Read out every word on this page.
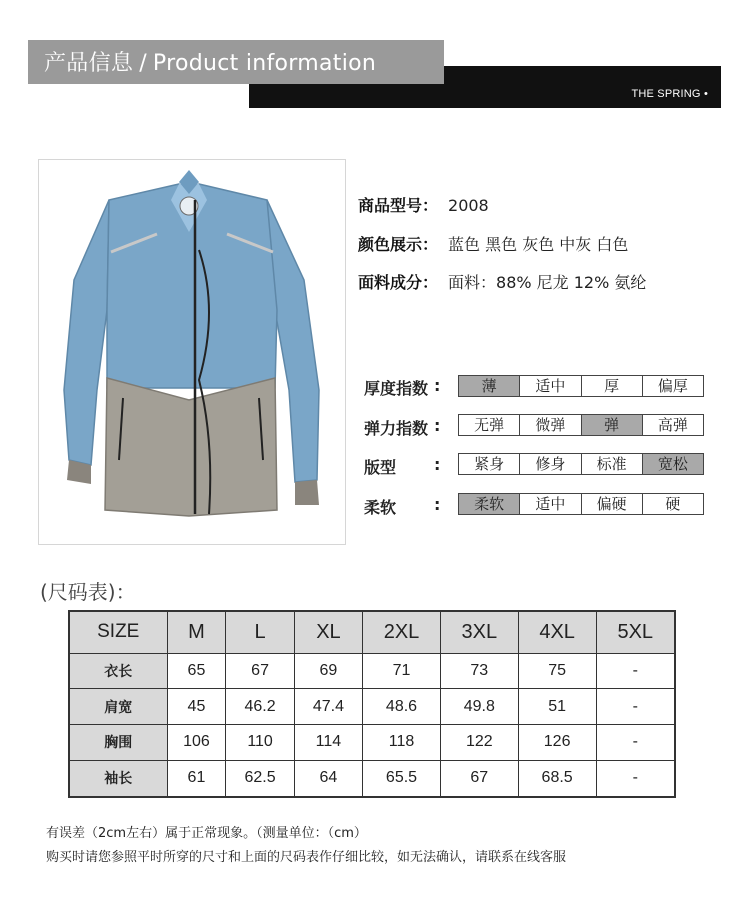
产品信息 / Product information
THE SPRING •
商品型号： 2008
颜色展示： 蓝色 黑色 灰色 中灰 白色
面料成分： 面料：88% 尼龙 12% 氨纶
厚度指数 :	薄	适中	厚	偏厚
弹力指数 :	无弹	微弹	弹	高弹
版型 :	紧身	修身	标准	宽松
柔软 :	柔软	适中	偏硬	硬
(尺码表)：
SIZE	M	L	XL	2XL	3XL	4XL	5XL
衣长	65	67	69	71	73	75	-
肩宽	45	46.2	47.4	48.6	49.8	51	-
胸围	106	110	114	118	122	126	-
袖长	61	62.5	64	65.5	67	68.5	-
有误差（2cm左右）属于正常现象。（测量单位：（cm）
购买时请您参照平时所穿的尺寸和上面的尺码表作仔细比较，如无法确认，请联系在线客服
